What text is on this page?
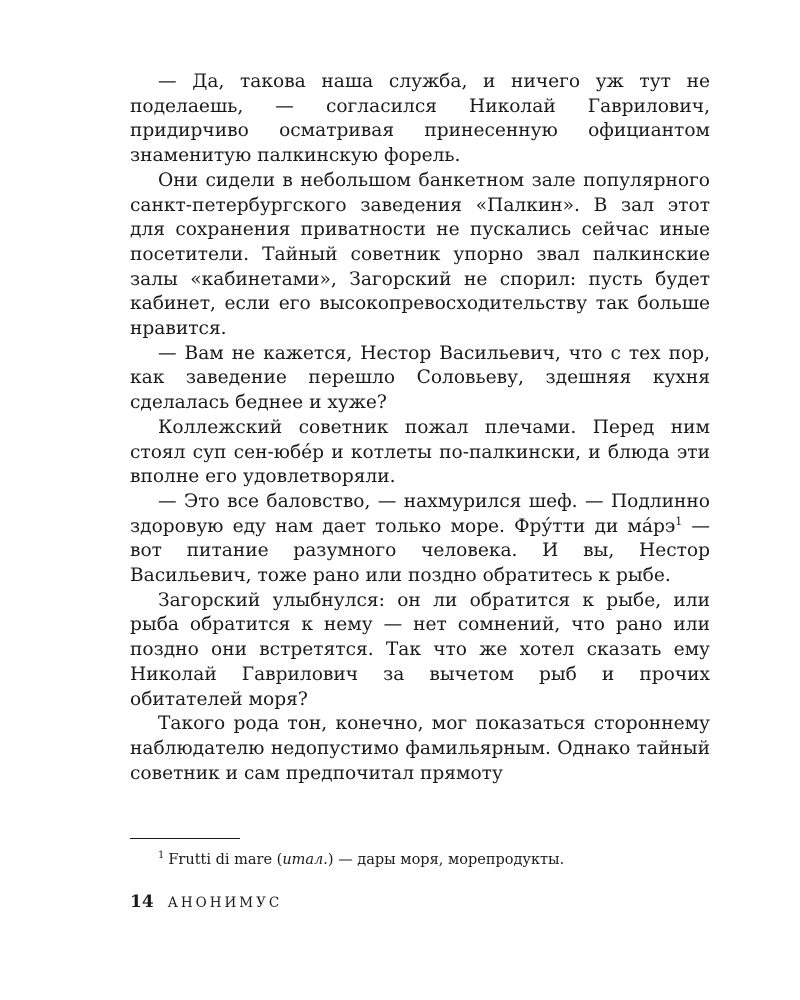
— Да, такова наша служба, и ничего уж тут не поделаешь, — согласился Николай Гаврилович, придирчиво осматривая принесенную официантом знаменитую палкинскую форель.

Они сидели в небольшом банкетном зале популярного санкт-петербургского заведения «Палкин». В зал этот для сохранения приватности не пускались сейчас иные посетители. Тайный советник упорно звал палкинские залы «кабинетами», Загорский не спорил: пусть будет кабинет, если его высокопревосходительству так больше нравится.

— Вам не кажется, Нестор Васильевич, что с тех пор, как заведение перешло Соловьеву, здешняя кухня сделалась беднее и хуже?

Коллежский советник пожал плечами. Перед ним стоял суп сен-юбе́р и котлеты по-палкински, и блюда эти вполне его удовлетворяли.

— Это все баловство, — нахмурился шеф. — Подлинно здоровую еду нам дает только море. Фру́тти ди $ма́рэ^1$ — вот питание разумного человека. И вы, Нестор Васильевич, тоже рано или поздно обратитесь к рыбе.

Загорский улыбнулся: он ли обратится к рыбе, или рыба обратится к нему — нет сомнений, что рано или поздно они встретятся. Так что же хотел сказать ему Николай Гаврилович за вычетом рыб и прочих обитателей моря?

Такого рода тон, конечно, мог показаться стороннему наблюдателю недопустимо фамильярным. Однако тайный советник и сам предпочитал прямоту

$^1$ Frutti di mare (итал.) — дары моря, морепродукты.
14 АНОНИМУС
